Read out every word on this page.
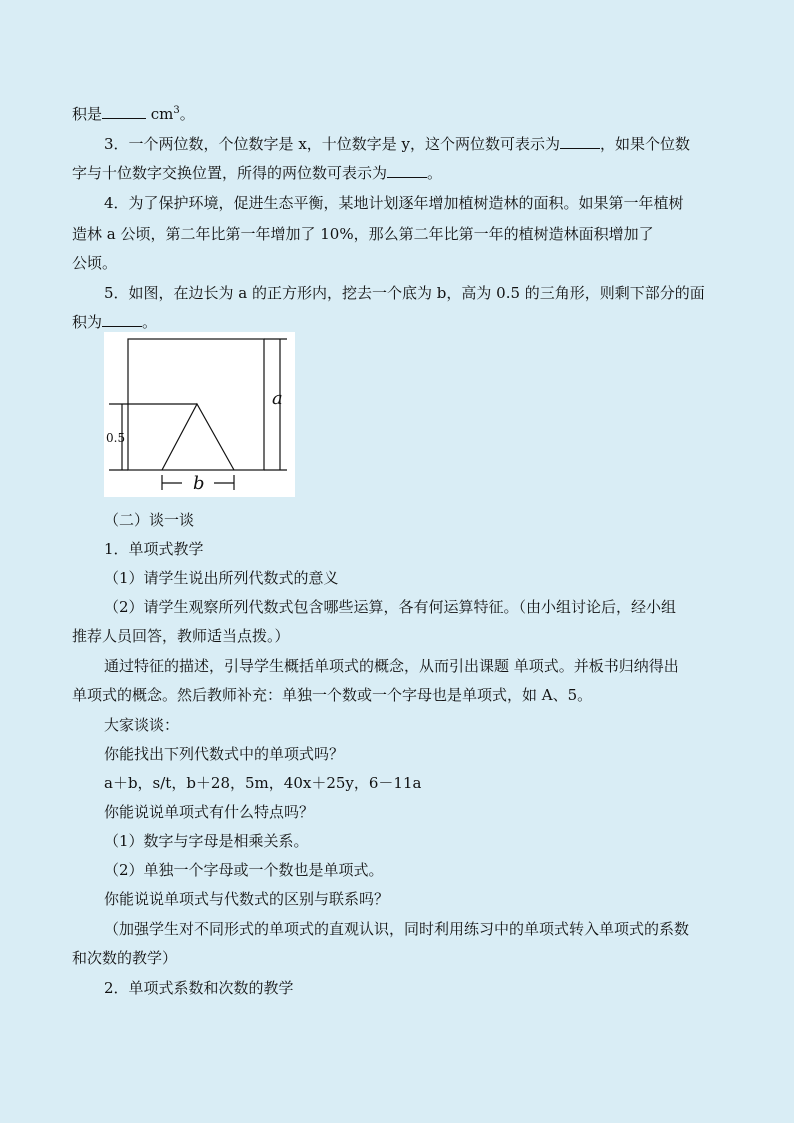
积是	$cm^3$。
3．一个两位数，个位数字是 x，十位数字是 y，这个两位数可表示为	，如果个位数
字与十位数字交换位置，所得的两位数可表示为	。
4．为了保护环境，促进生态平衡，某地计划逐年增加植树造林的面积。如果第一年植树
造林 a 公顷，第二年比第一年增加了 10%，那么第二年比第一年的植树造林面积增加了
公顷。
5．如图，在边长为 a 的正方形内，挖去一个底为 b，高为 0.5 的三角形，则剩下部分的面
积为	。
a
0.5
b
（二）谈一谈
1．单项式教学
（1）请学生说出所列代数式的意义
（2）请学生观察所列代数式包含哪些运算，各有何运算特征。（由小组讨论后，经小组
推荐人员回答，教师适当点拨。）
通过特征的描述，引导学生概括单项式的概念，从而引出课题 单项式。并板书归纳得出
单项式的概念。然后教师补充：单独一个数或一个字母也是单项式，如 A、5。
大家谈谈：
你能找出下列代数式中的单项式吗？
a＋b，s/t，b＋28，5m，40x＋25y，6－11a
你能说说单项式有什么特点吗？
（1）数字与字母是相乘关系。
（2）单独一个字母或一个数也是单项式。
你能说说单项式与代数式的区别与联系吗？
（加强学生对不同形式的单项式的直观认识，同时利用练习中的单项式转入单项式的系数
和次数的教学）
2．单项式系数和次数的教学
